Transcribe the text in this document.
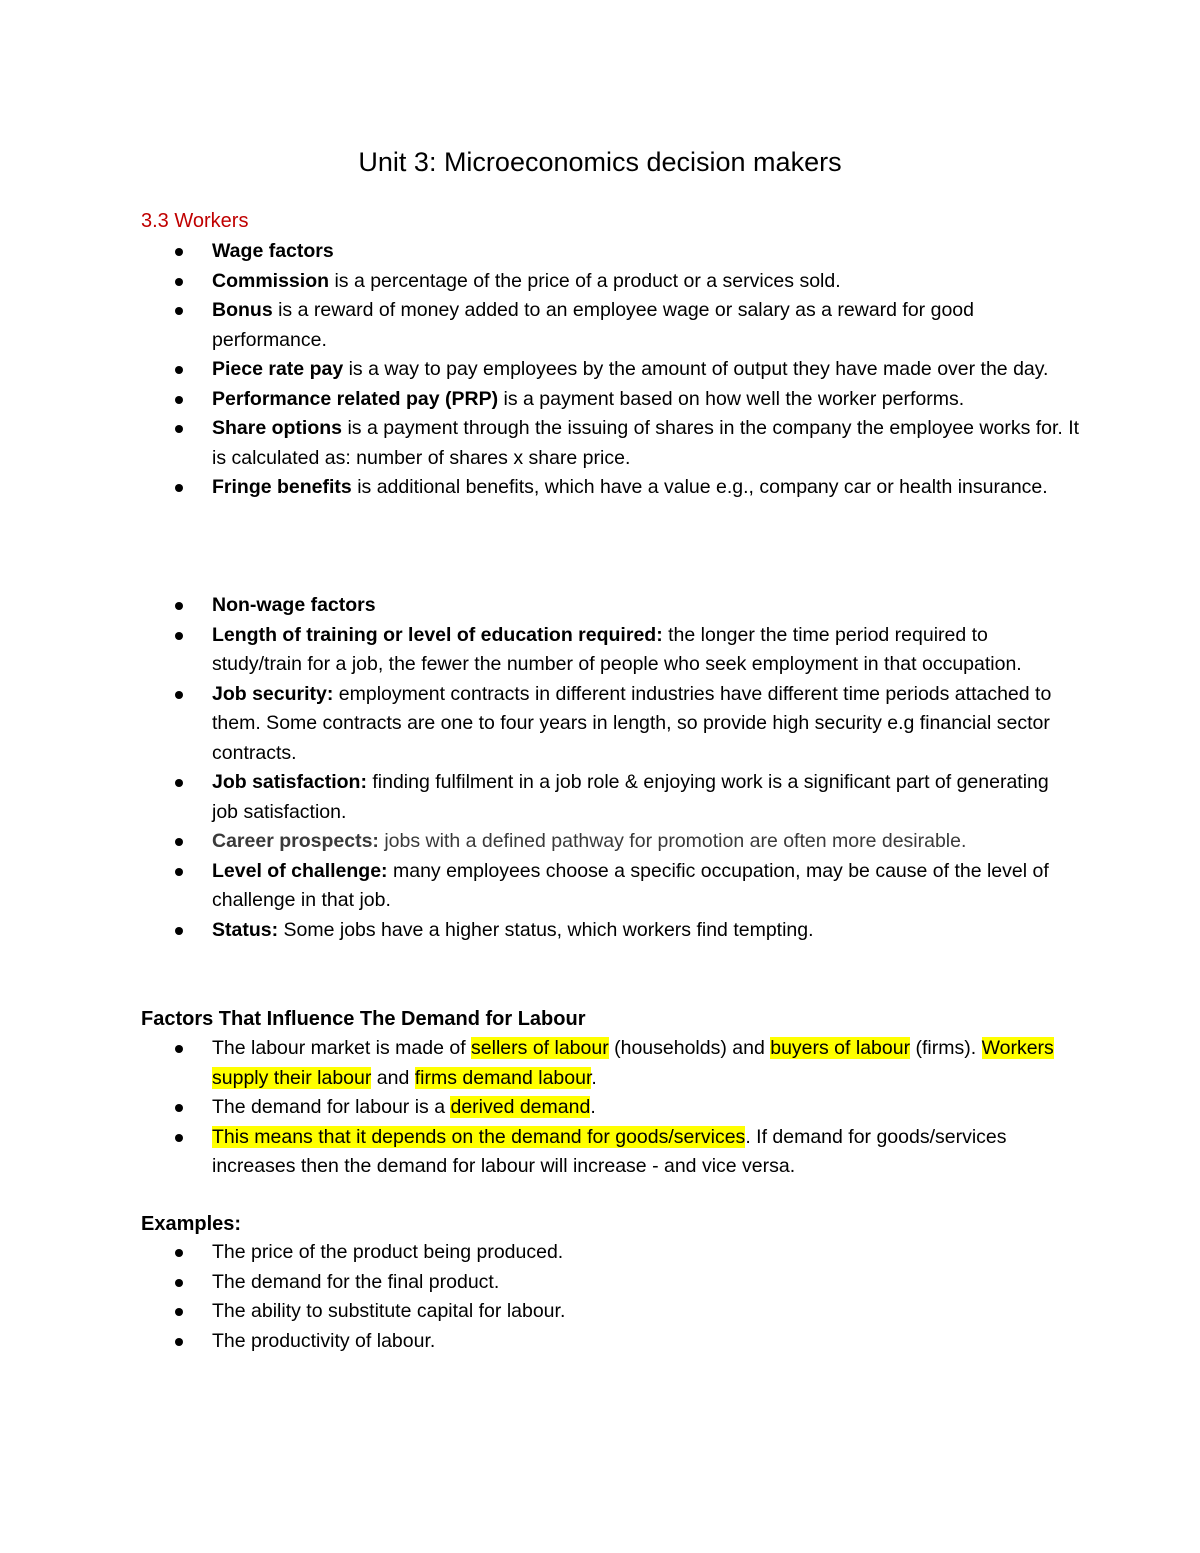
Unit 3: Microeconomics decision makers
3.3 Workers
Wage factors
Commission is a percentage of the price of a product or a services sold.
Bonus is a reward of money added to an employee wage or salary as a reward for good performance.
Piece rate pay is a way to pay employees by the amount of output they have made over the day.
Performance related pay (PRP) is a payment based on how well the worker performs.
Share options is a payment through the issuing of shares in the company the employee works for. It is calculated as: number of shares x share price.
Fringe benefits is additional benefits, which have a value e.g., company car or health insurance.
Non-wage factors
Length of training or level of education required: the longer the time period required to study/train for a job, the fewer the number of people who seek employment in that occupation.
Job security: employment contracts in different industries have different time periods attached to them. Some contracts are one to four years in length, so provide high security e.g financial sector contracts.
Job satisfaction: finding fulfilment in a job role & enjoying work is a significant part of generating job satisfaction.
Career prospects: jobs with a defined pathway for promotion are often more desirable.
Level of challenge: many employees choose a specific occupation, may be cause of the level of challenge in that job.
Status: Some jobs have a higher status, which workers find tempting.
Factors That Influence The Demand for Labour
The labour market is made of sellers of labour (households) and buyers of labour (firms). Workers supply their labour and firms demand labour.
The demand for labour is a derived demand.
This means that it depends on the demand for goods/services. If demand for goods/services increases then the demand for labour will increase - and vice versa.
Examples:
The price of the product being produced.
The demand for the final product.
The ability to substitute capital for labour.
The productivity of labour.
